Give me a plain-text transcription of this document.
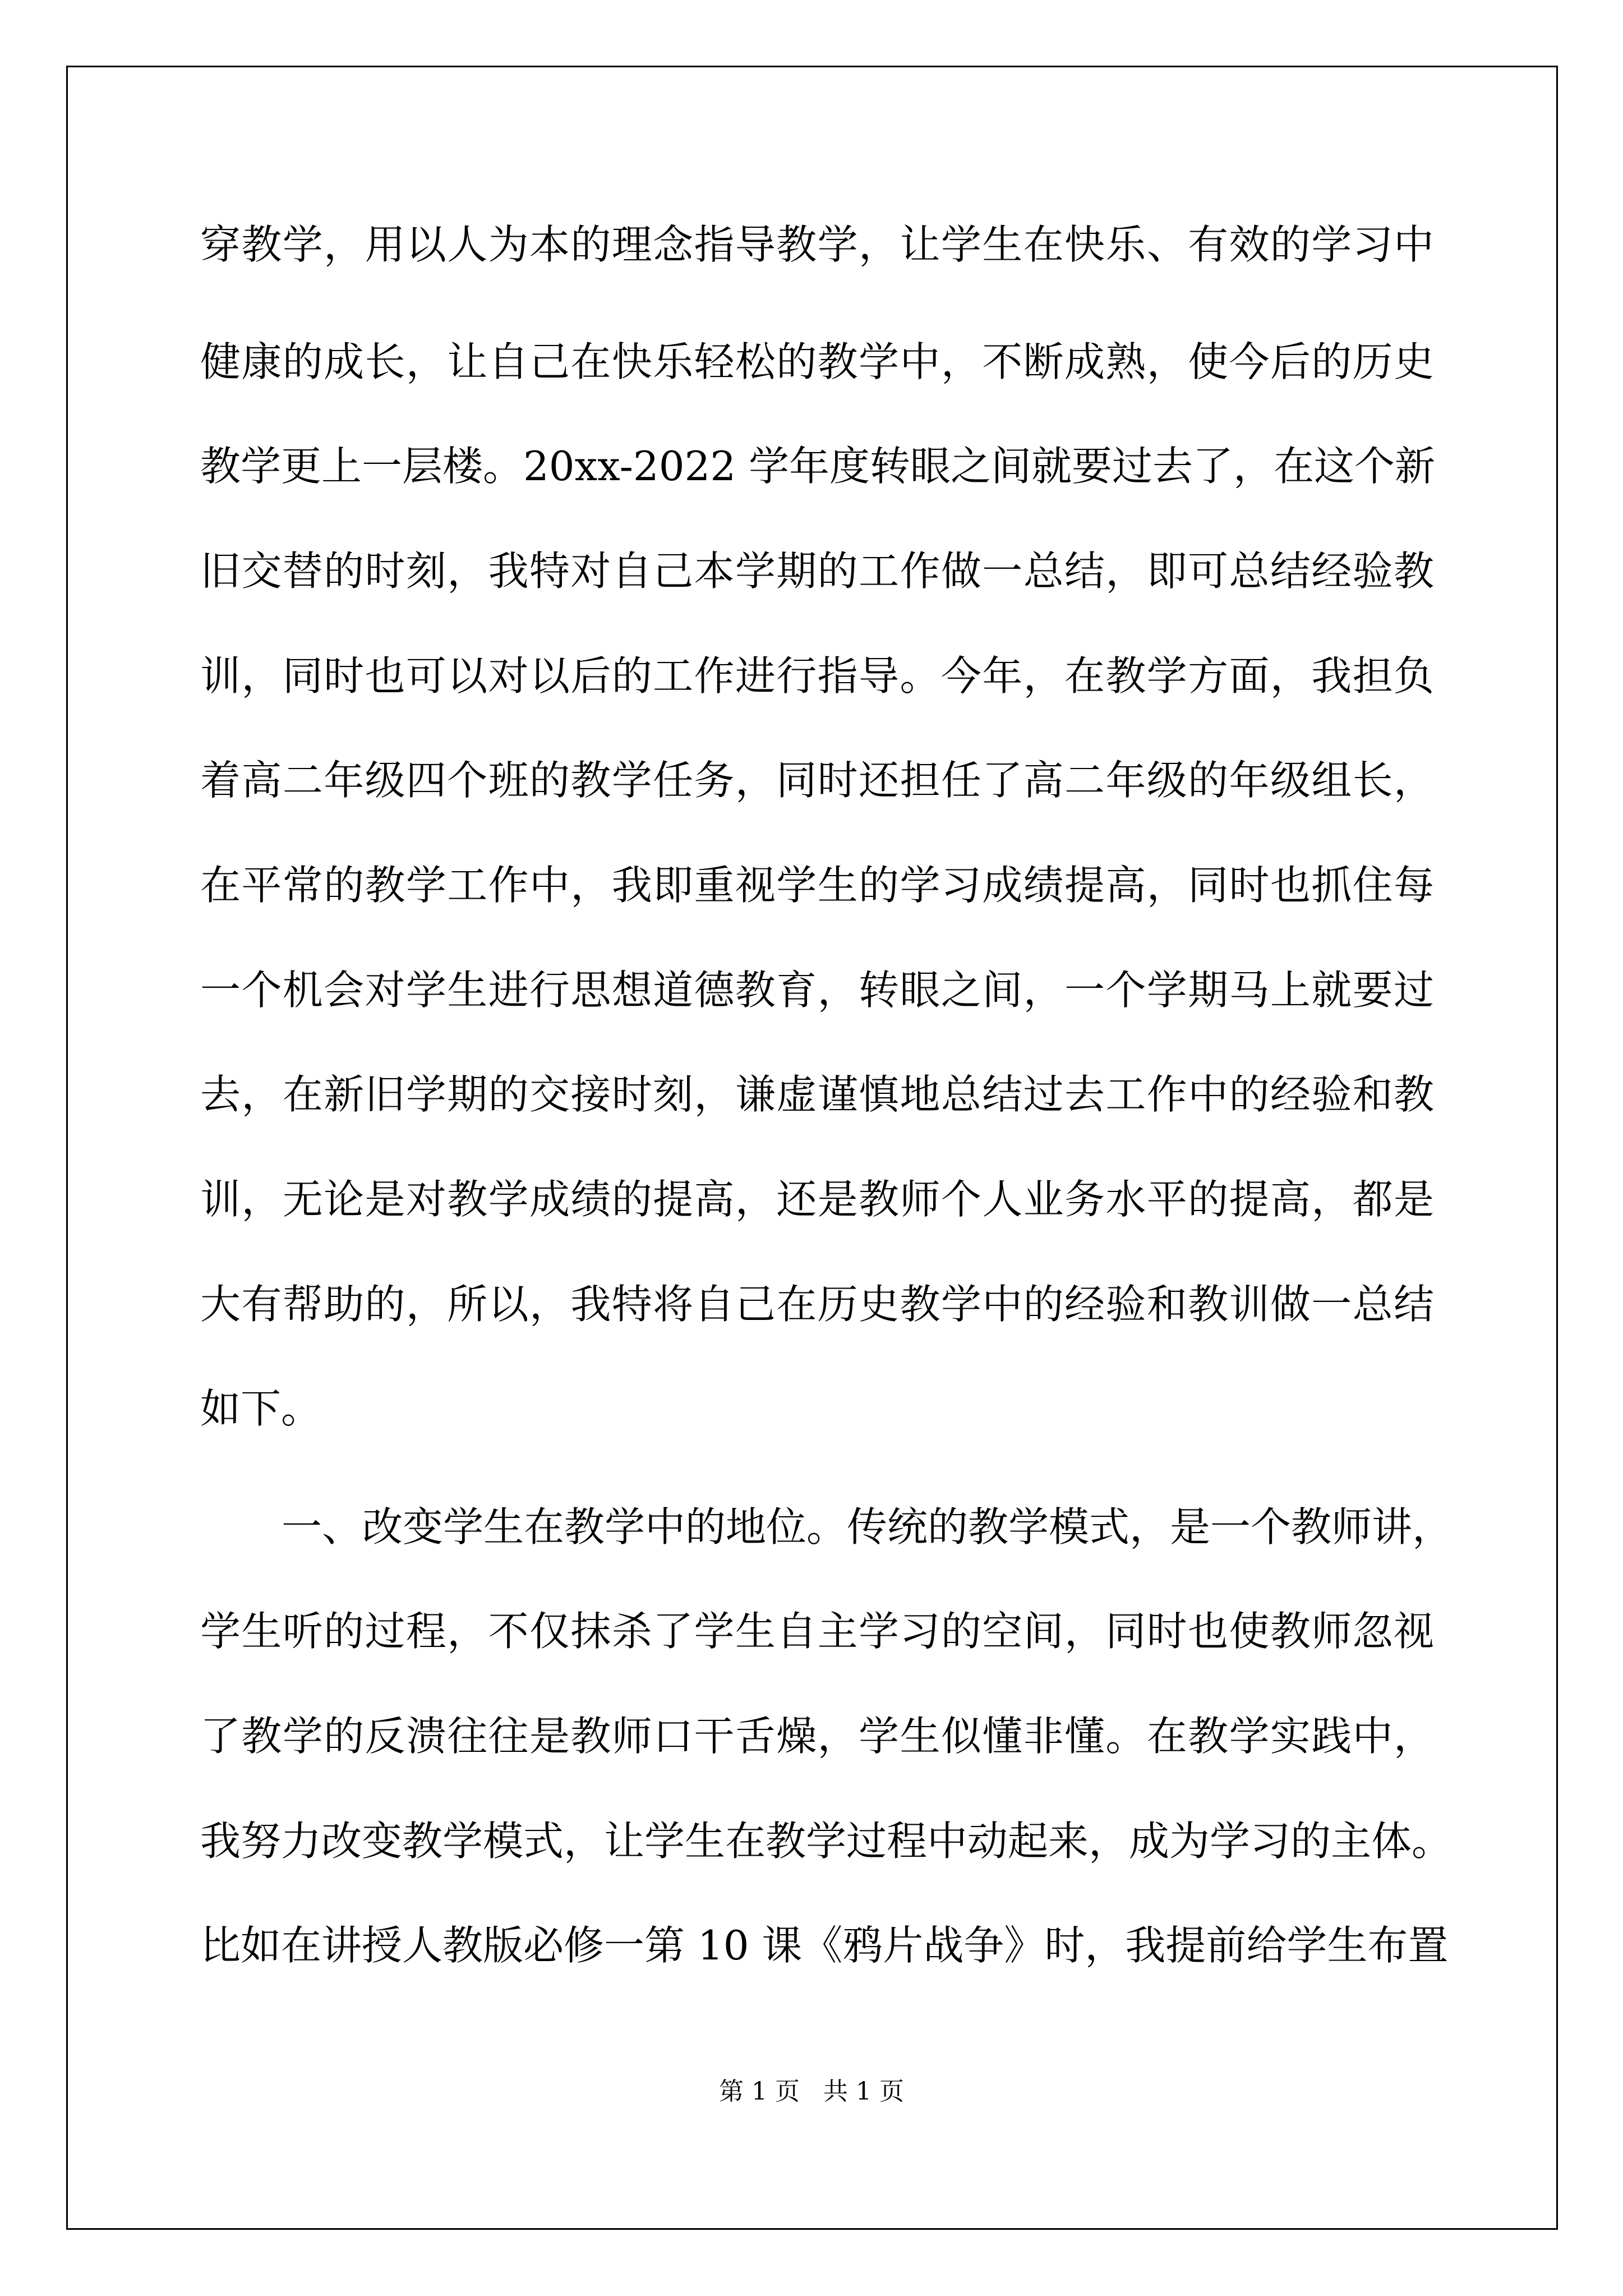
穿教学，用以人为本的理念指导教学，让学生在快乐、有效的学习中

健康的成长，让自己在快乐轻松的教学中，不断成熟，使今后的历史

教学更上一层楼。20xx-2022 学年度转眼之间就要过去了，在这个新

旧交替的时刻，我特对自己本学期的工作做一总结，即可总结经验教

训，同时也可以对以后的工作进行指导。今年，在教学方面，我担负

着高二年级四个班的教学任务，同时还担任了高二年级的年级组长，

在平常的教学工作中，我即重视学生的学习成绩提高，同时也抓住每

一个机会对学生进行思想道德教育，转眼之间，一个学期马上就要过

去，在新旧学期的交接时刻，谦虚谨慎地总结过去工作中的经验和教

训，无论是对教学成绩的提高，还是教师个人业务水平的提高，都是

大有帮助的，所以，我特将自己在历史教学中的经验和教训做一总结

如下。

一、改变学生在教学中的地位。传统的教学模式，是一个教师讲，

学生听的过程，不仅抹杀了学生自主学习的空间，同时也使教师忽视

了教学的反溃往往是教师口干舌燥，学生似懂非懂。在教学实践中，

我努力改变教学模式，让学生在教学过程中动起来，成为学习的主体。

比如在讲授人教版必修一第 10 课《鸦片战争》时，我提前给学生布置

第 1 页   共 1 页
